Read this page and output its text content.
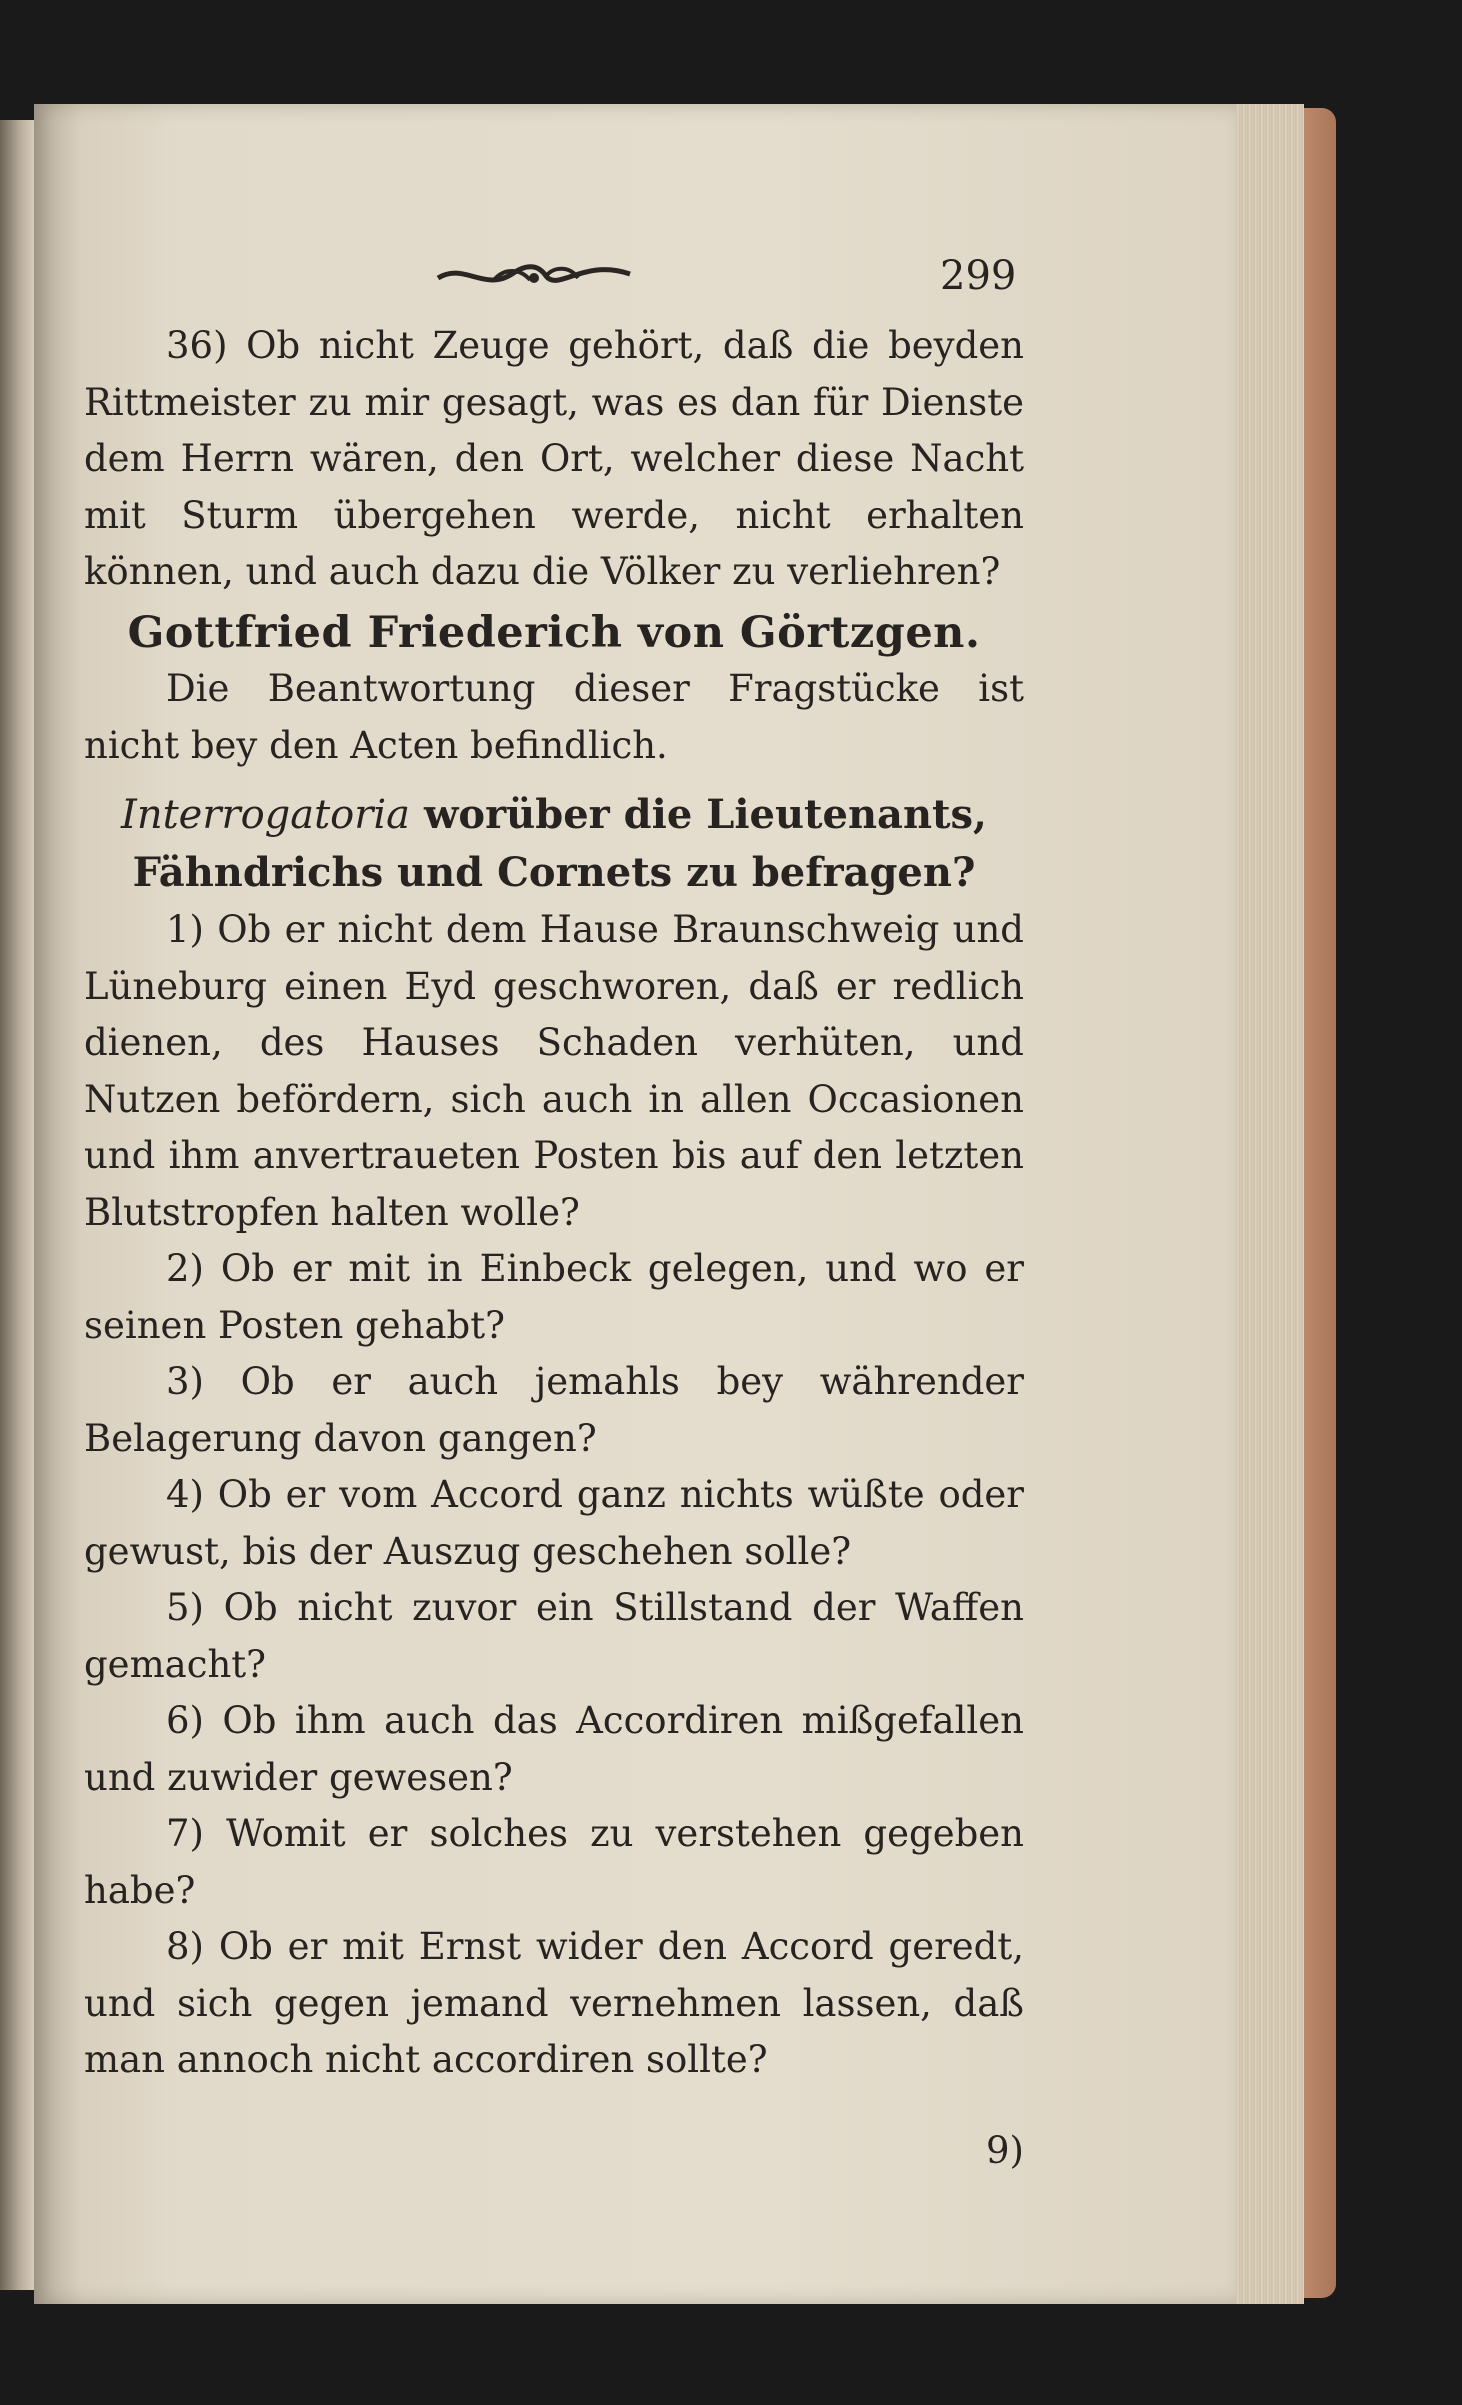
299

36) Ob nicht Zeuge gehört, daß die beyden Rittmeister zu mir gesagt, was es dan für Dienste dem Herrn wären, den Ort, welcher diese Nacht mit Sturm übergehen werde, nicht erhalten können, und auch dazu die Völker zu verliehren?

Gottfried Friederich von Görtzgen.

Die Beantwortung dieser Fragstücke ist nicht bey den Acten befindlich.

Interrogatoria worüber die Lieutenants, Fähndrichs und Cornets zu befragen?

1) Ob er nicht dem Hause Braunschweig und Lüneburg einen Eyd geschworen, daß er redlich dienen, des Hauses Schaden verhüten, und Nutzen befördern, sich auch in allen Occasionen und ihm anvertraueten Posten bis auf den letzten Blutstropfen halten wolle?

2) Ob er mit in Einbeck gelegen, und wo er seinen Posten gehabt?

3) Ob er auch jemahls bey währender Belagerung davon gangen?

4) Ob er vom Accord ganz nichts wüßte oder gewust, bis der Auszug geschehen solle?

5) Ob nicht zuvor ein Stillstand der Waffen gemacht?

6) Ob ihm auch das Accordiren mißgefallen und zuwider gewesen?

7) Womit er solches zu verstehen gegeben habe?

8) Ob er mit Ernst wider den Accord geredt, und sich gegen jemand vernehmen lassen, daß man annoch nicht accordiren sollte?

9)
